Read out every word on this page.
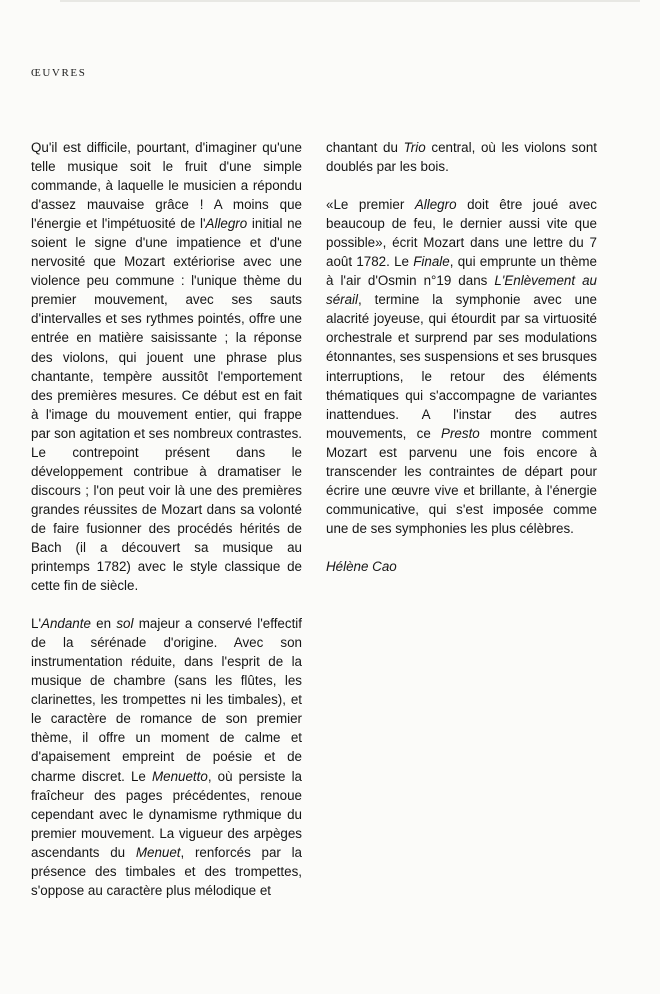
ŒUVRES

Qu'il est difficile, pourtant, d'imaginer qu'une telle musique soit le fruit d'une simple commande, à laquelle le musicien a répondu d'assez mauvaise grâce ! A moins que l'énergie et l'impétuosité de l'Allegro initial ne soient le signe d'une impatience et d'une nervosité que Mozart extériorise avec une violence peu commune : l'unique thème du premier mouvement, avec ses sauts d'intervalles et ses rythmes pointés, offre une entrée en matière saisissante ; la réponse des violons, qui jouent une phrase plus chantante, tempère aussitôt l'emportement des premières mesures. Ce début est en fait à l'image du mouvement entier, qui frappe par son agitation et ses nombreux contrastes. Le contrepoint présent dans le développement contribue à dramatiser le discours ; l'on peut voir là une des premières grandes réussites de Mozart dans sa volonté de faire fusionner des procédés hérités de Bach (il a découvert sa musique au printemps 1782) avec le style classique de cette fin de siècle.

L'Andante en sol majeur a conservé l'effectif de la sérénade d'origine. Avec son instrumentation réduite, dans l'esprit de la musique de chambre (sans les flûtes, les clarinettes, les trompettes ni les timbales), et le caractère de romance de son premier thème, il offre un moment de calme et d'apaisement empreint de poésie et de charme discret. Le Menuetto, où persiste la fraîcheur des pages précédentes, renoue cependant avec le dynamisme rythmique du premier mouvement. La vigueur des arpèges ascendants du Menuet, renforcés par la présence des timbales et des trompettes, s'oppose au caractère plus mélodique et

chantant du Trio central, où les violons sont doublés par les bois.

«Le premier Allegro doit être joué avec beaucoup de feu, le dernier aussi vite que possible», écrit Mozart dans une lettre du 7 août 1782. Le Finale, qui emprunte un thème à l'air d'Osmin n°19 dans L'Enlèvement au sérail, termine la symphonie avec une alacrité joyeuse, qui étourdit par sa virtuosité orchestrale et surprend par ses modulations étonnantes, ses suspensions et ses brusques interruptions, le retour des éléments thématiques qui s'accompagne de variantes inattendues. A l'instar des autres mouvements, ce Presto montre comment Mozart est parvenu une fois encore à transcender les contraintes de départ pour écrire une œuvre vive et brillante, à l'énergie communicative, qui s'est imposée comme une de ses symphonies les plus célèbres.

Hélène Cao
